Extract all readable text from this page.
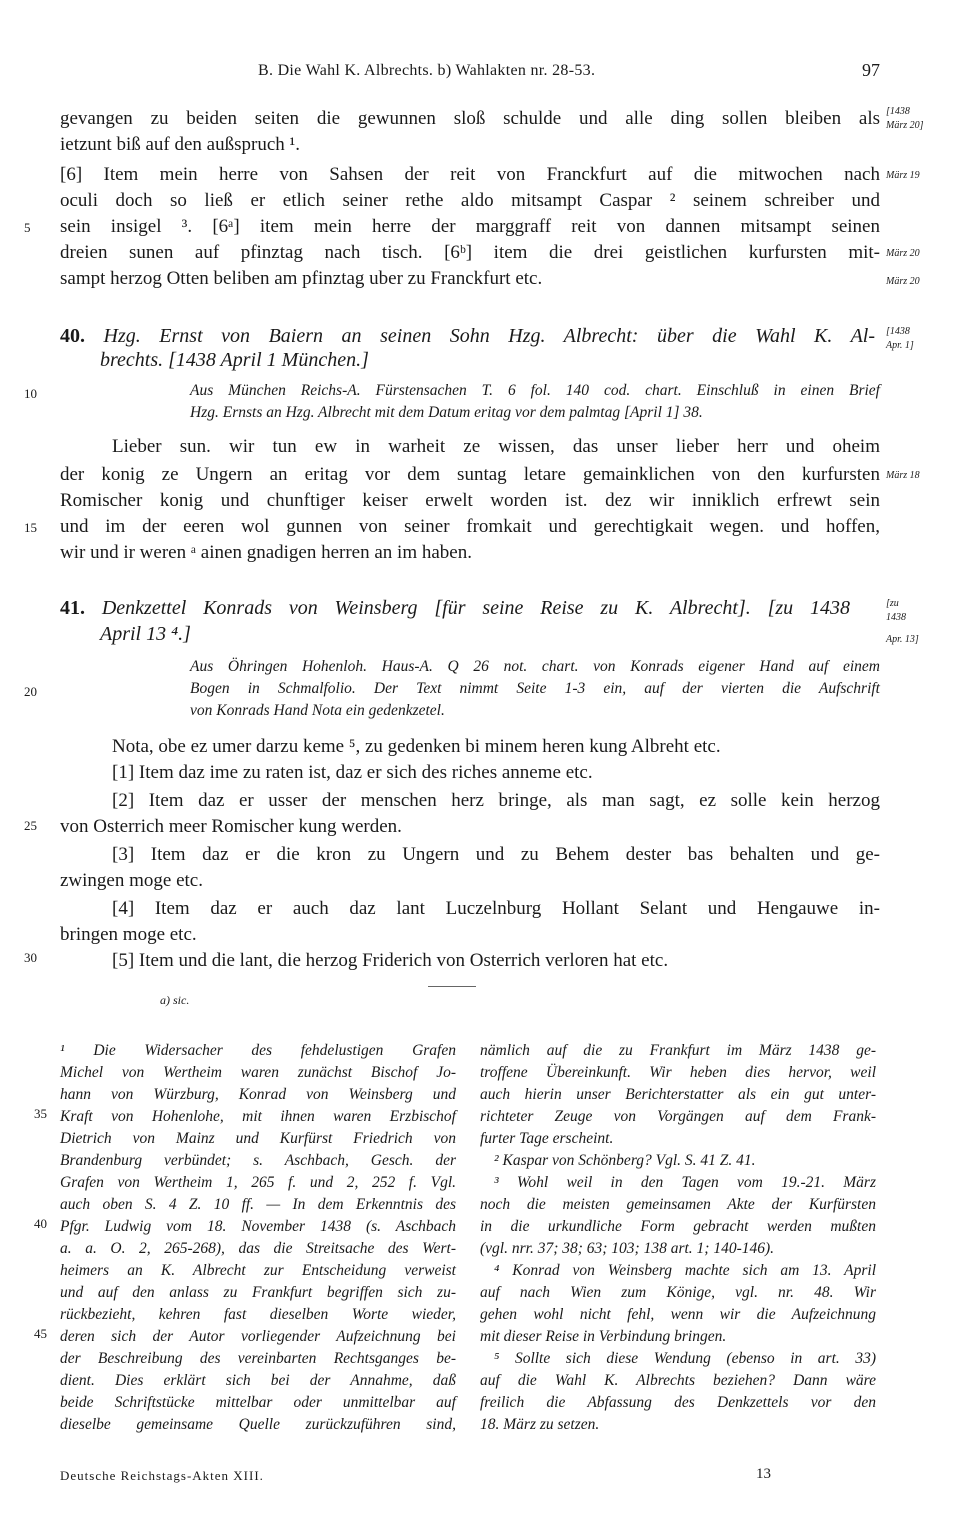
B. Die Wahl K. Albrechts. b) Wahlakten nr. 28-53.	97
gevangen zu beiden seiten die gewunnen sloß schulde und alle ding sollen bleiben als
ietzunt biß auf den außspruch ¹.
[6] Item mein herre von Sahsen der reit von Franckfurt auf die mitwochen nach
oculi doch so ließ er etlich seiner rethe aldo mitsampt Caspar ² seinem schreiber und
sein insigel ³. [6ᵃ] item mein herre der marggraff reit von dannen mitsampt seinen
dreien sunen auf pfinztag nach tisch. [6ᵇ] item die drei geistlichen kurfursten mit-
sampt herzog Otten beliben am pfinztag uber zu Franckfurt etc.
[1438
März 20]
März 19
März 20
März 20
5
10
15
20
25
30
40. Hzg. Ernst von Baiern an seinen Sohn Hzg. Albrecht: über die Wahl K. Al-
brechts. [1438 April 1 München.]
[1438
Apr. 1]
Aus München Reichs-A. Fürstensachen T. 6 fol. 140 cod. chart. Einschluß in einen Brief
Hzg. Ernsts an Hzg. Albrecht mit dem Datum eritag vor dem palmtag [April 1] 38.
Lieber sun. wir tun ew in warheit ze wissen, das unser lieber herr und oheim
der konig ze Ungern an eritag vor dem suntag letare gemainklichen von den kurfursten
Romischer konig und chunftiger keiser erwelt worden ist. dez wir inniklich erfrewt sein
und im der eeren wol gunnen von seiner fromkait und gerechtigkait wegen. und hoffen,
wir und ir weren ᵃ ainen gnadigen herren an im haben.
März 18
41. Denkzettel Konrads von Weinsberg [für seine Reise zu K. Albrecht]. [zu 1438
April 13 ⁴.]
[zu
1438
Apr. 13]
Aus Öhringen Hohenloh. Haus-A. Q 26 not. chart. von Konrads eigener Hand auf einem
Bogen in Schmalfolio. Der Text nimmt Seite 1-3 ein, auf der vierten die Aufschrift
von Konrads Hand Nota ein gedenkzetel.
Nota, obe ez umer darzu keme ⁵, zu gedenken bi minem heren kung Albreht etc.
[1] Item daz ime zu raten ist, daz er sich des riches anneme etc.
[2] Item daz er usser der menschen herz bringe, als man sagt, ez solle kein herzog
von Osterrich meer Romischer kung werden.
[3] Item daz er die kron zu Ungern und zu Behem dester bas behalten und ge-
zwingen moge etc.
[4] Item daz er auch daz lant Luczelnburg Hollant Selant und Hengauwe in-
bringen moge etc.
[5] Item und die lant, die herzog Friderich von Osterrich verloren hat etc.
a) sic.
¹ Die Widersacher des fehdelustigen Grafen
Michel von Wertheim waren zunächst Bischof Jo-
hann von Würzburg, Konrad von Weinsberg und
Kraft von Hohenlohe, mit ihnen waren Erzbischof
Dietrich von Mainz und Kurfürst Friedrich von
Brandenburg verbündet; s. Aschbach, Gesch. der
Grafen von Wertheim 1, 265 f. und 2, 252 f. Vgl.
auch oben S. 4 Z. 10 ff. — In dem Erkenntnis des
Pfgr. Ludwig vom 18. November 1438 (s. Aschbach
a. a. O. 2, 265-268), das die Streitsache des Wert-
heimers an K. Albrecht zur Entscheidung verweist
und auf den anlass zu Frankfurt begriffen sich zu-
rückbezieht, kehren fast dieselben Worte wieder,
deren sich der Autor vorliegender Aufzeichnung bei
der Beschreibung des vereinbarten Rechtsganges be-
dient. Dies erklärt sich bei der Annahme, daß
beide Schriftstücke mittelbar oder unmittelbar auf
dieselbe gemeinsame Quelle zurückzuführen sind,
35
40
45
nämlich auf die zu Frankfurt im März 1438 ge-
troffene Übereinkunft. Wir heben dies hervor, weil
auch hierin unser Berichterstatter als ein gut unter-
richteter Zeuge von Vorgängen auf dem Frank-
furter Tage erscheint.
² Kaspar von Schönberg? Vgl. S. 41 Z. 41.
³ Wohl weil in den Tagen vom 19.-21. März
noch die meisten gemeinsamen Akte der Kurfürsten
in die urkundliche Form gebracht werden mußten
(vgl. nrr. 37; 38; 63; 103; 138 art. 1; 140-146).
⁴ Konrad von Weinsberg machte sich am 13. April
auf nach Wien zum Könige, vgl. nr. 48. Wir
gehen wohl nicht fehl, wenn wir die Aufzeichnung
mit dieser Reise in Verbindung bringen.
⁵ Sollte sich diese Wendung (ebenso in art. 33)
auf die Wahl K. Albrechts beziehen? Dann wäre
freilich die Abfassung des Denkzettels vor den
18. März zu setzen.
Deutsche Reichstags-Akten XIII.	13
